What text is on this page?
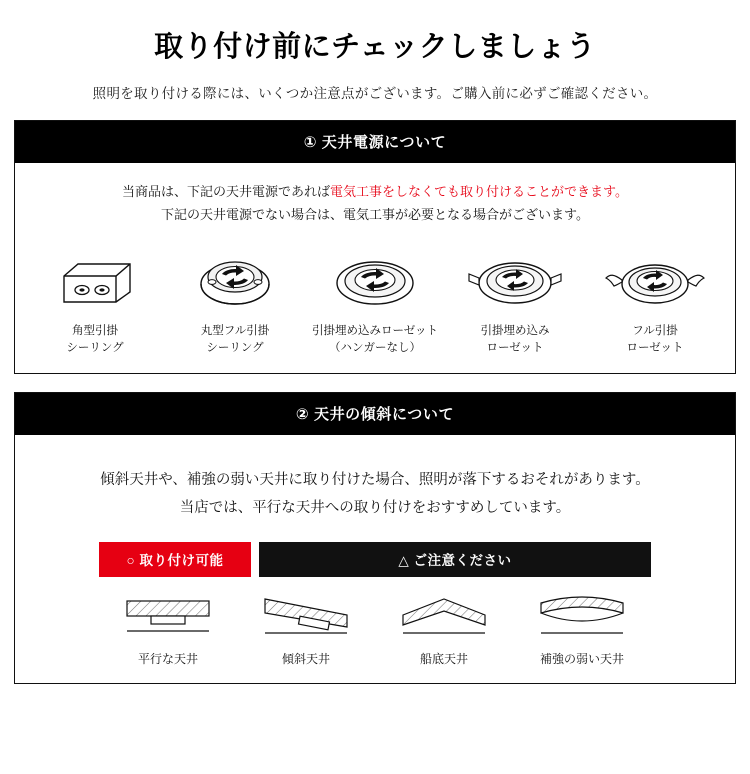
取り付け前にチェックしましょう

照明を取り付ける際には、いくつか注意点がございます。ご購入前に必ずご確認ください。

① 天井電源について

当商品は、下記の天井電源であれば電気工事をしなくても取り付けることができます。
下記の天井電源でない場合は、電気工事が必要となる場合がございます。

角型引掛
シーリング
丸型フル引掛
シーリング
引掛埋め込みローゼット
（ハンガーなし）
引掛埋め込み
ローゼット
フル引掛
ローゼット
② 天井の傾斜について

傾斜天井や、補強の弱い天井に取り付けた場合、照明が落下するおそれがあります。
当店では、平行な天井への取り付けをおすすめしています。

○ 取り付け可能	△ ご注意ください
平行な天井	傾斜天井	船底天井	補強の弱い天井
